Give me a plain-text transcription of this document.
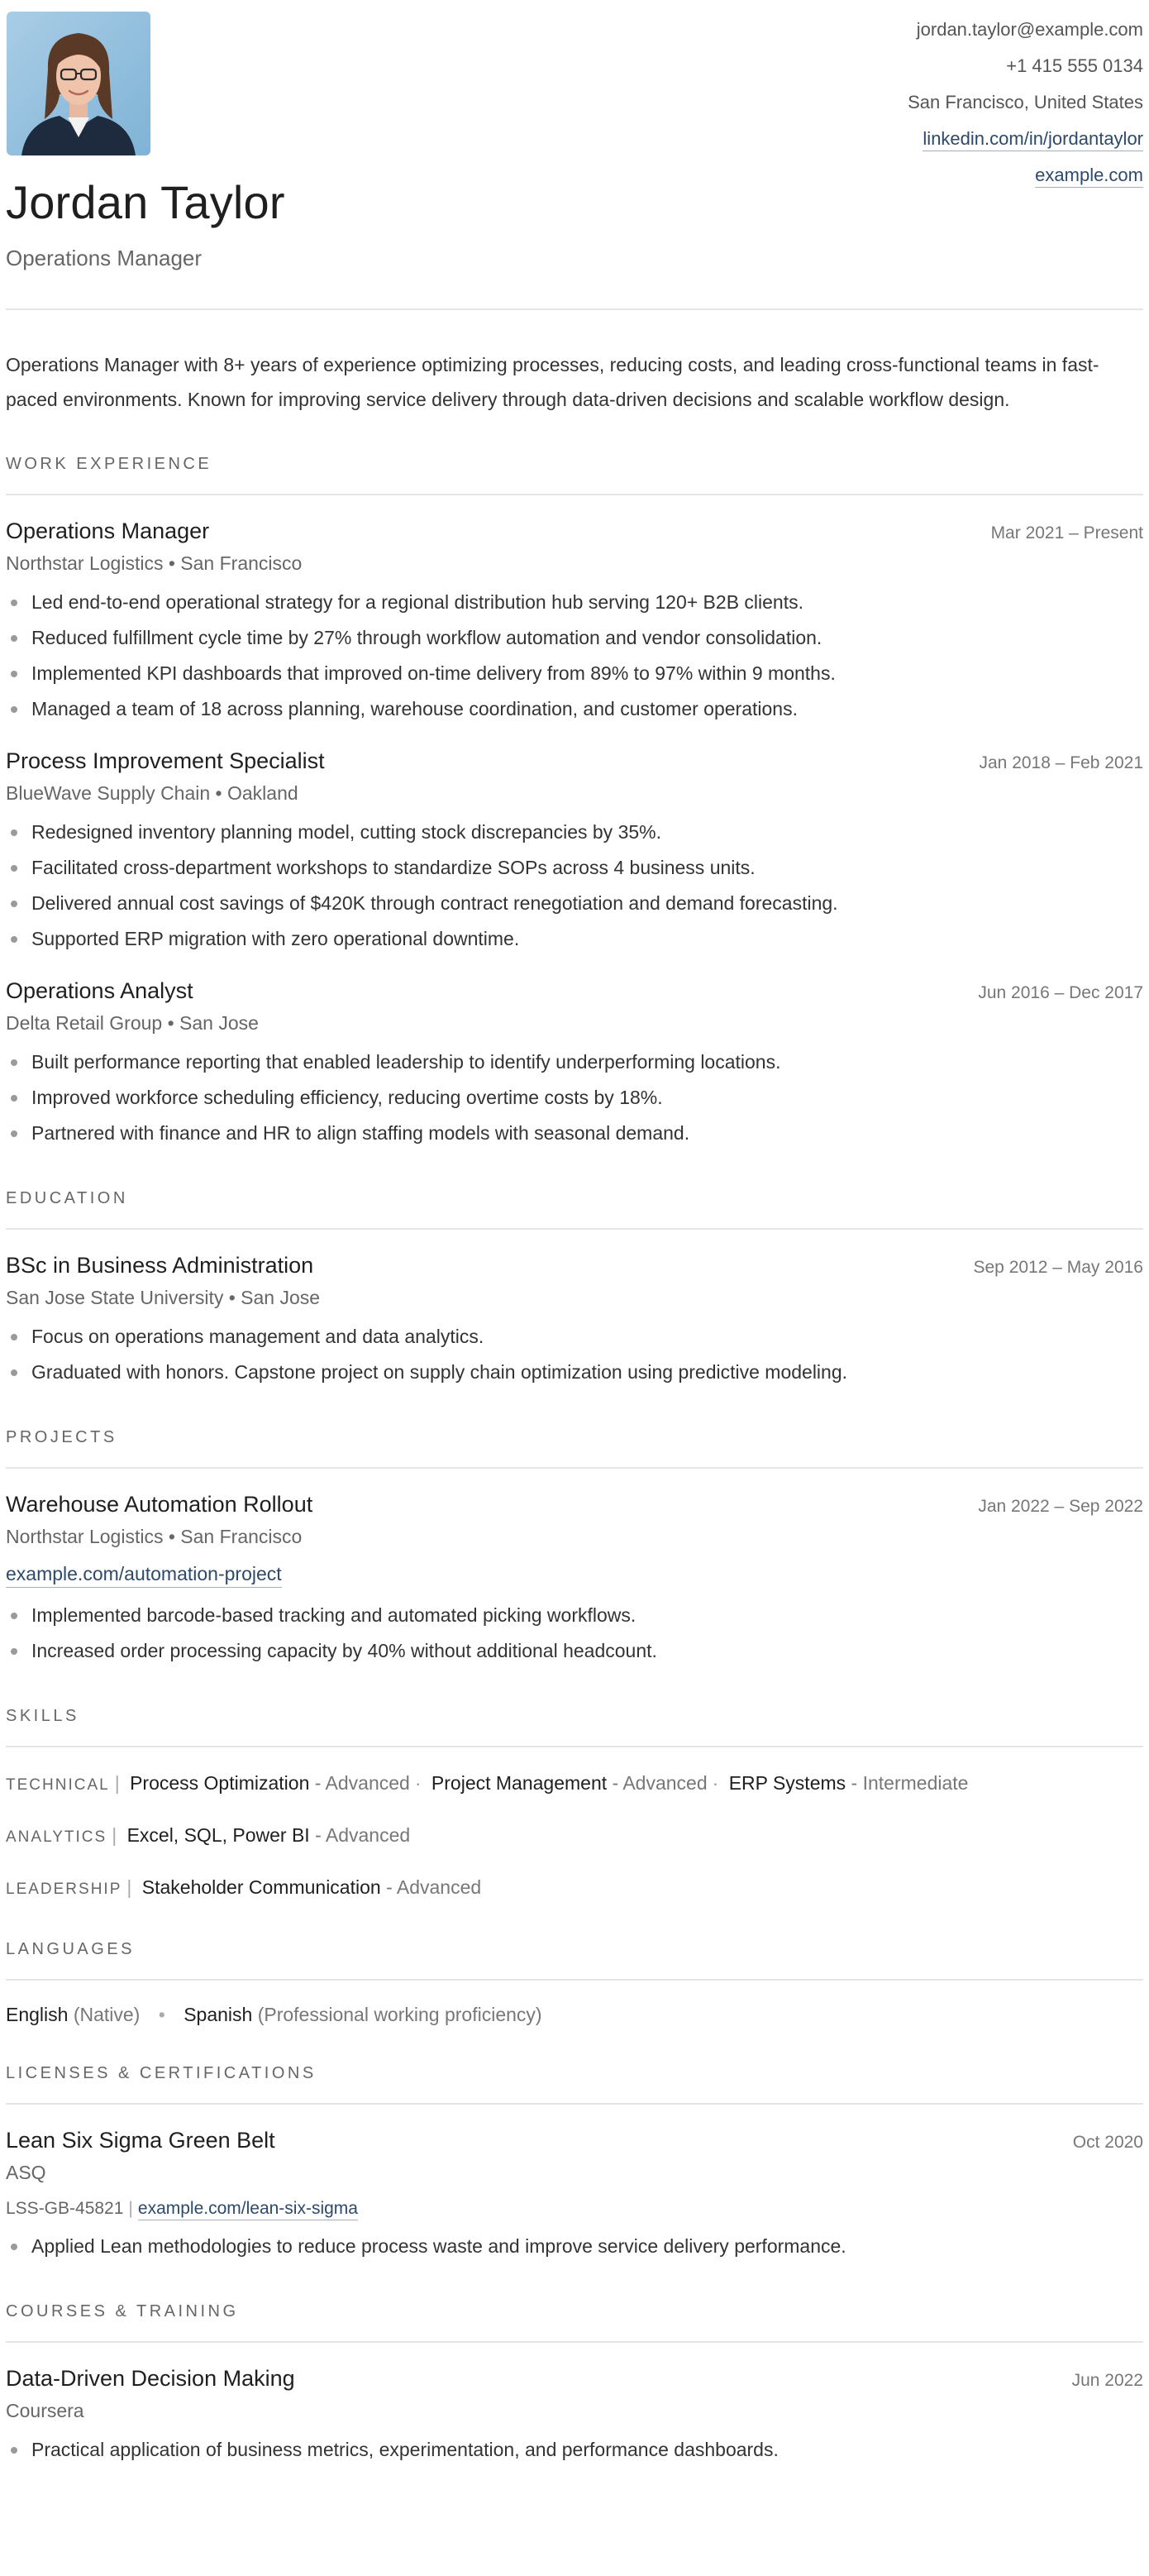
jordan.taylor@example.com
+1 415 555 0134
San Francisco, United States
linkedin.com/in/jordantaylor
example.com
Jordan Taylor
Operations Manager
Operations Manager with 8+ years of experience optimizing processes, reducing costs, and leading cross-functional teams in fast-paced environments. Known for improving service delivery through data-driven decisions and scalable workflow design.
WORK EXPERIENCE
Operations Manager	Mar 2021 – Present
Northstar Logistics • San Francisco
Led end-to-end operational strategy for a regional distribution hub serving 120+ B2B clients.
Reduced fulfillment cycle time by 27% through workflow automation and vendor consolidation.
Implemented KPI dashboards that improved on-time delivery from 89% to 97% within 9 months.
Managed a team of 18 across planning, warehouse coordination, and customer operations.
Process Improvement Specialist	Jan 2018 – Feb 2021
BlueWave Supply Chain • Oakland
Redesigned inventory planning model, cutting stock discrepancies by 35%.
Facilitated cross-department workshops to standardize SOPs across 4 business units.
Delivered annual cost savings of $420K through contract renegotiation and demand forecasting.
Supported ERP migration with zero operational downtime.
Operations Analyst	Jun 2016 – Dec 2017
Delta Retail Group • San Jose
Built performance reporting that enabled leadership to identify underperforming locations.
Improved workforce scheduling efficiency, reducing overtime costs by 18%.
Partnered with finance and HR to align staffing models with seasonal demand.
EDUCATION
BSc in Business Administration	Sep 2012 – May 2016
San Jose State University • San Jose
Focus on operations management and data analytics.
Graduated with honors. Capstone project on supply chain optimization using predictive modeling.
PROJECTS
Warehouse Automation Rollout	Jan 2022 – Sep 2022
Northstar Logistics • San Francisco
example.com/automation-project
Implemented barcode-based tracking and automated picking workflows.
Increased order processing capacity by 40% without additional headcount.
SKILLS
TECHNICAL | Process Optimization - Advanced · Project Management - Advanced · ERP Systems - Intermediate
ANALYTICS | Excel, SQL, Power BI - Advanced
LEADERSHIP | Stakeholder Communication - Advanced
LANGUAGES
English (Native) • Spanish (Professional working proficiency)
LICENSES & CERTIFICATIONS
Lean Six Sigma Green Belt	Oct 2020
ASQ
LSS-GB-45821 | example.com/lean-six-sigma
Applied Lean methodologies to reduce process waste and improve service delivery performance.
COURSES & TRAINING
Data-Driven Decision Making	Jun 2022
Coursera
Practical application of business metrics, experimentation, and performance dashboards.
